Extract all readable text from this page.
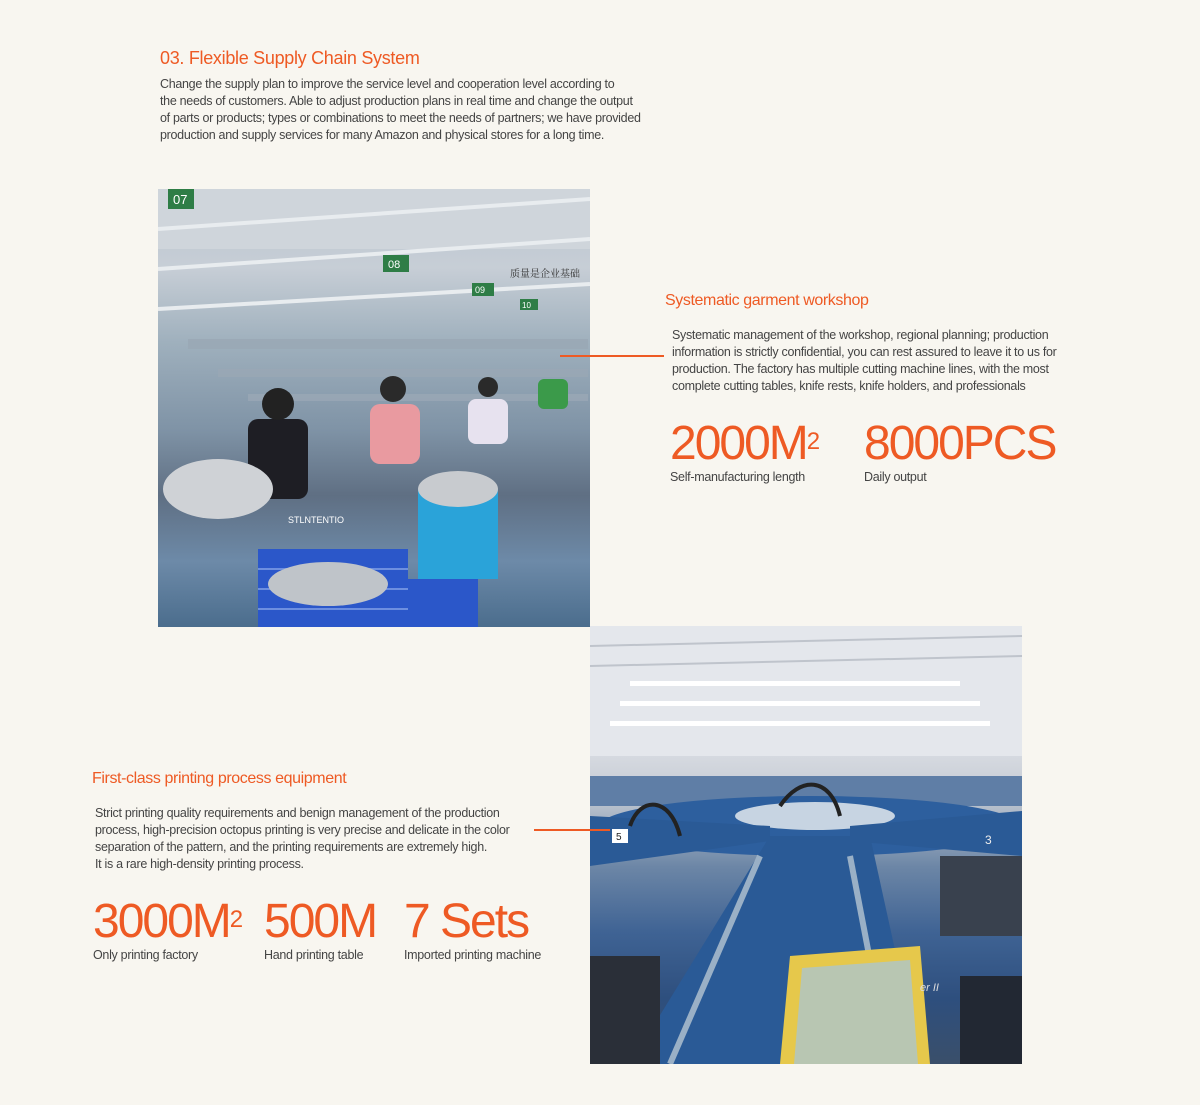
03. Flexible Supply Chain System
Change the supply plan to improve the service level and cooperation level according to
the needs of customers. Able to adjust production plans in real time and change the output
of parts or products; types or combinations to meet the needs of partners; we have provided
production and supply services for many Amazon and physical stores for a long time.
07
08
09
10
质量是企业基础
STLNTENTIO
Systematic garment workshop
Systematic management of the workshop, regional planning; production
information is strictly confidential, you can rest assured to leave it to us for
production. The factory has multiple cutting machine lines, with the most
complete cutting tables, knife rests, knife holders, and professionals
$2000M^2$
Self-manufacturing length
8000PCS
Daily output
5	3
er II
First-class printing process equipment
Strict printing quality requirements and benign management of the production
process, high-precision octopus printing is very precise and delicate in the color
separation of the pattern, and the printing requirements are extremely high.
It is a rare high-density printing process.
$3000M^2$
Only printing factory
500M
Hand printing table
7 Sets
Imported printing machine
